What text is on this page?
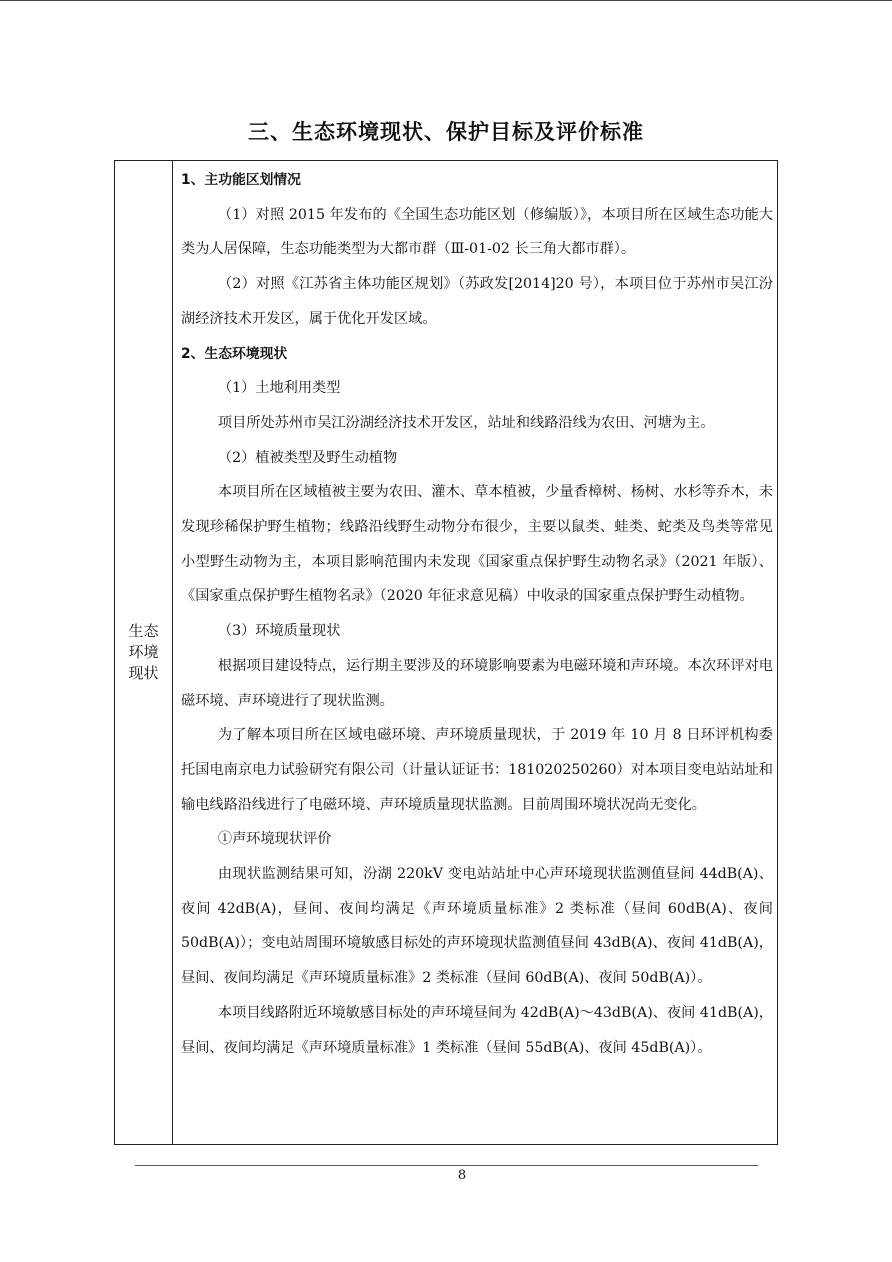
三、生态环境现状、保护目标及评价标准
生态
环境
现状

1、主功能区划情况

（1）对照 2015 年发布的《全国生态功能区划（修编版）》，本项目所在区域生态功能大类为人居保障，生态功能类型为大都市群（Ⅲ-01-02 长三角大都市群）。

（2）对照《江苏省主体功能区规划》（苏政发[2014]20 号），本项目位于苏州市吴江汾湖经济技术开发区，属于优化开发区域。

2、生态环境现状

（1）土地利用类型

项目所处苏州市吴江汾湖经济技术开发区，站址和线路沿线为农田、河塘为主。

（2）植被类型及野生动植物

本项目所在区域植被主要为农田、灌木、草本植被，少量香樟树、杨树、水杉等乔木，未发现珍稀保护野生植物；线路沿线野生动物分布很少，主要以鼠类、蛙类、蛇类及鸟类等常见小型野生动物为主，本项目影响范围内未发现《国家重点保护野生动物名录》（2021 年版）、《国家重点保护野生植物名录》（2020 年征求意见稿）中收录的国家重点保护野生动植物。

（3）环境质量现状

根据项目建设特点，运行期主要涉及的环境影响要素为电磁环境和声环境。本次环评对电磁环境、声环境进行了现状监测。

为了解本项目所在区域电磁环境、声环境质量现状，于 2019 年 10 月 8 日环评机构委托国电南京电力试验研究有限公司（计量认证证书：181020250260）对本项目变电站站址和输电线路沿线进行了电磁环境、声环境质量现状监测。目前周围环境状况尚无变化。

①声环境现状评价

由现状监测结果可知，汾湖 220kV 变电站站址中心声环境现状监测值昼间 44dB(A)、夜间 42dB(A)，昼间、夜间均满足《声环境质量标准》2 类标准（昼间 60dB(A)、夜间 50dB(A)）；变电站周围环境敏感目标处的声环境现状监测值昼间 43dB(A)、夜间 41dB(A)，昼间、夜间均满足《声环境质量标准》2 类标准（昼间 60dB(A)、夜间 50dB(A)）。

本项目线路附近环境敏感目标处的声环境昼间为 42dB(A)～43dB(A)、夜间 41dB(A)，昼间、夜间均满足《声环境质量标准》1 类标准（昼间 55dB(A)、夜间 45dB(A)）。

8
